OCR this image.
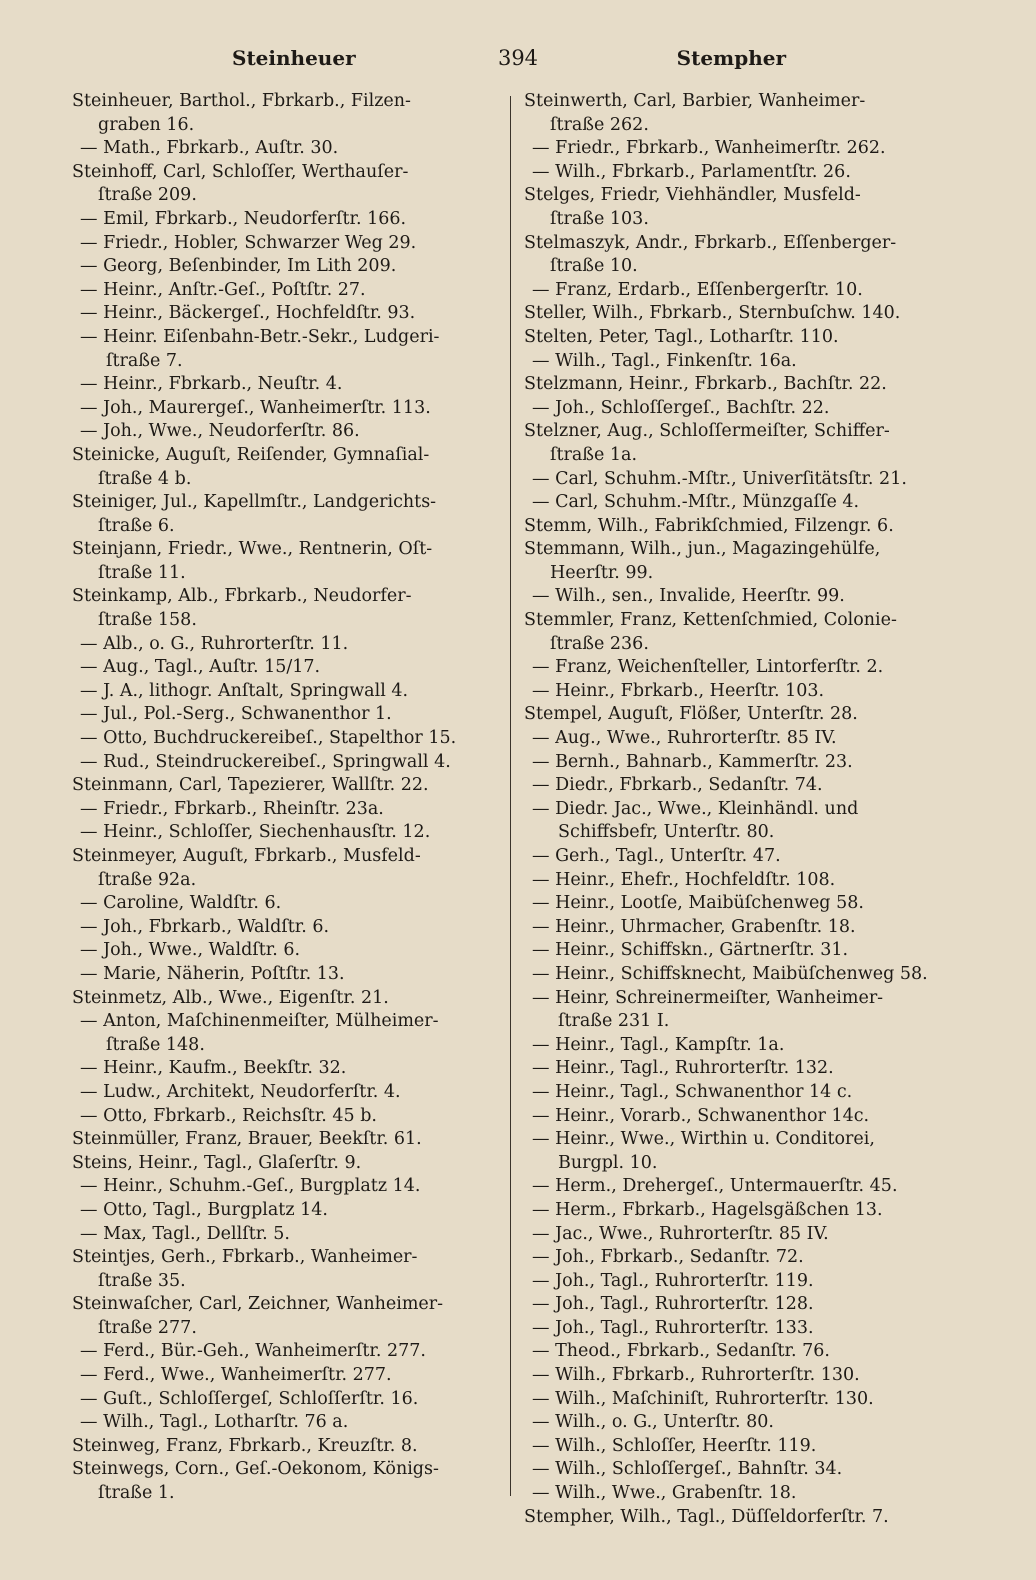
Steinheuer	394	Stempher
Steinheuer, Barthol., Fbrkarb., Filzen-
graben 16.
— Math., Fbrkarb., Auſtr. 30.
Steinhoff, Carl, Schloſſer, Werthauſer-
ſtraße 209.
— Emil, Fbrkarb., Neudorferſtr. 166.
— Friedr., Hobler, Schwarzer Weg 29.
— Georg, Beſenbinder, Im Lith 209.
— Heinr., Anſtr.-Geſ., Poſtſtr. 27.
— Heinr., Bäckergeſ., Hochfeldſtr. 93.
— Heinr. Eiſenbahn-Betr.-Sekr., Ludgeri-
ſtraße 7.
— Heinr., Fbrkarb., Neuſtr. 4.
— Joh., Maurergeſ., Wanheimerſtr. 113.
— Joh., Wwe., Neudorferſtr. 86.
Steinicke, Auguſt, Reiſender, Gymnaſial-
ſtraße 4 b.
Steiniger, Jul., Kapellmſtr., Landgerichts-
ſtraße 6.
Steinjann, Friedr., Wwe., Rentnerin, Oſt-
ſtraße 11.
Steinkamp, Alb., Fbrkarb., Neudorfer-
ſtraße 158.
— Alb., o. G., Ruhrorterſtr. 11.
— Aug., Tagl., Auſtr. 15/17.
— J. A., lithogr. Anſtalt, Springwall 4.
— Jul., Pol.-Serg., Schwanenthor 1.
— Otto, Buchdruckereibeſ., Stapelthor 15.
— Rud., Steindruckereibeſ., Springwall 4.
Steinmann, Carl, Tapezierer, Wallſtr. 22.
— Friedr., Fbrkarb., Rheinſtr. 23a.
— Heinr., Schloſſer, Siechenhausſtr. 12.
Steinmeyer, Auguſt, Fbrkarb., Musfeld-
ſtraße 92a.
— Caroline, Waldſtr. 6.
— Joh., Fbrkarb., Waldſtr. 6.
— Joh., Wwe., Waldſtr. 6.
— Marie, Näherin, Poſtſtr. 13.
Steinmetz, Alb., Wwe., Eigenſtr. 21.
— Anton, Maſchinenmeiſter, Mülheimer-
ſtraße 148.
— Heinr., Kaufm., Beekſtr. 32.
— Ludw., Architekt, Neudorferſtr. 4.
— Otto, Fbrkarb., Reichsſtr. 45 b.
Steinmüller, Franz, Brauer, Beekſtr. 61.
Steins, Heinr., Tagl., Glaſerſtr. 9.
— Heinr., Schuhm.-Geſ., Burgplatz 14.
— Otto, Tagl., Burgplatz 14.
— Max, Tagl., Dellſtr. 5.
Steintjes, Gerh., Fbrkarb., Wanheimer-
ſtraße 35.
Steinwaſcher, Carl, Zeichner, Wanheimer-
ſtraße 277.
— Ferd., Bür.-Geh., Wanheimerſtr. 277.
— Ferd., Wwe., Wanheimerſtr. 277.
— Guſt., Schloſſergeſ, Schloſſerſtr. 16.
— Wilh., Tagl., Lotharſtr. 76 a.
Steinweg, Franz, Fbrkarb., Kreuzſtr. 8.
Steinwegs, Corn., Geſ.-Oekonom, Königs-
ſtraße 1.
Steinwerth, Carl, Barbier, Wanheimer-
ſtraße 262.
— Friedr., Fbrkarb., Wanheimerſtr. 262.
— Wilh., Fbrkarb., Parlamentſtr. 26.
Stelges, Friedr, Viehhändler, Musfeld-
ſtraße 103.
Stelmaszyk, Andr., Fbrkarb., Eſſenberger-
ſtraße 10.
— Franz, Erdarb., Eſſenbergerſtr. 10.
Steller, Wilh., Fbrkarb., Sternbuſchw. 140.
Stelten, Peter, Tagl., Lotharſtr. 110.
— Wilh., Tagl., Finkenſtr. 16a.
Stelzmann, Heinr., Fbrkarb., Bachſtr. 22.
— Joh., Schloſſergeſ., Bachſtr. 22.
Stelzner, Aug., Schloſſermeiſter, Schiffer-
ſtraße 1a.
— Carl, Schuhm.-Mſtr., Univerſitätsſtr. 21.
— Carl, Schuhm.-Mſtr., Münzgaſſe 4.
Stemm, Wilh., Fabrikſchmied, Filzengr. 6.
Stemmann, Wilh., jun., Magazingehülfe,
Heerſtr. 99.
— Wilh., sen., Invalide, Heerſtr. 99.
Stemmler, Franz, Kettenſchmied, Colonie-
ſtraße 236.
— Franz, Weichenſteller, Lintorferſtr. 2.
— Heinr., Fbrkarb., Heerſtr. 103.
Stempel, Auguſt, Flößer, Unterſtr. 28.
— Aug., Wwe., Ruhrorterſtr. 85 IV.
— Bernh., Bahnarb., Kammerſtr. 23.
— Diedr., Fbrkarb., Sedanſtr. 74.
— Diedr. Jac., Wwe., Kleinhändl. und
Schiffsbefr, Unterſtr. 80.
— Gerh., Tagl., Unterſtr. 47.
— Heinr., Ehefr., Hochfeldſtr. 108.
— Heinr., Lootſe, Maibüſchenweg 58.
— Heinr., Uhrmacher, Grabenſtr. 18.
— Heinr., Schiffskn., Gärtnerſtr. 31.
— Heinr., Schiffsknecht, Maibüſchenweg 58.
— Heinr, Schreinermeiſter, Wanheimer-
ſtraße 231 I.
— Heinr., Tagl., Kampſtr. 1a.
— Heinr., Tagl., Ruhrorterſtr. 132.
— Heinr., Tagl., Schwanenthor 14 c.
— Heinr., Vorarb., Schwanenthor 14c.
— Heinr., Wwe., Wirthin u. Conditorei,
Burgpl. 10.
— Herm., Drehergeſ., Untermauerſtr. 45.
— Herm., Fbrkarb., Hagelsgäßchen 13.
— Jac., Wwe., Ruhrorterſtr. 85 IV.
— Joh., Fbrkarb., Sedanſtr. 72.
— Joh., Tagl., Ruhrorterſtr. 119.
— Joh., Tagl., Ruhrorterſtr. 128.
— Joh., Tagl., Ruhrorterſtr. 133.
— Theod., Fbrkarb., Sedanſtr. 76.
— Wilh., Fbrkarb., Ruhrorterſtr. 130.
— Wilh., Maſchiniſt, Ruhrorterſtr. 130.
— Wilh., o. G., Unterſtr. 80.
— Wilh., Schloſſer, Heerſtr. 119.
— Wilh., Schloſſergeſ., Bahnſtr. 34.
— Wilh., Wwe., Grabenſtr. 18.
Stempher, Wilh., Tagl., Düſſeldorferſtr. 7.
